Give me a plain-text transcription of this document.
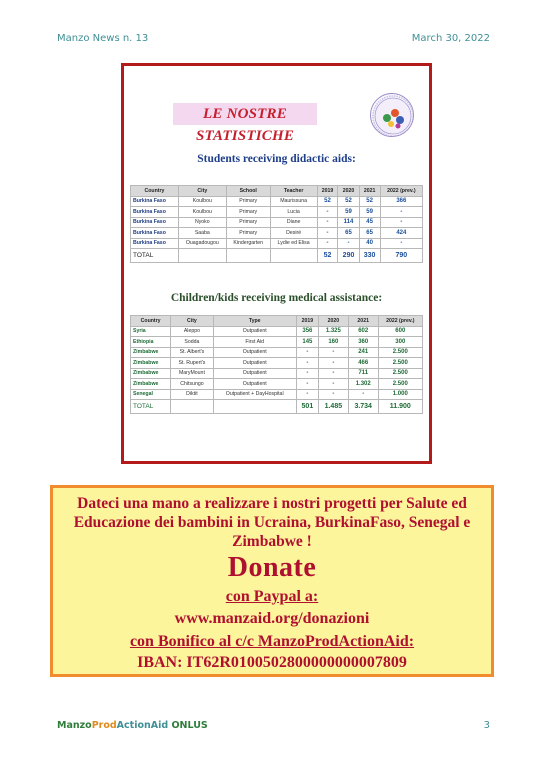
Manzo News n. 13	March 30, 2022
LE NOSTRE STATISTICHE
Students receiving didactic aids:
Country	City	School	Teacher	2019	2020	2021	2022 (prev.)
Burkina Faso	Koulbou	Primary	Maurissuna	52	52	52	366
Burkina Faso	Koulbou	Primary	Lucia	-	59	59	-
Burkina Faso	Nyoko	Primary	Diane	-	114	45	-
Burkina Faso	Saaba	Primary	Desiré	-	65	65	424
Burkina Faso	Ouagadougou	Kindergarten	Lydie ed Elisa	-	-	40	-
TOTAL				52	290	330	790
Children/kids receiving medical assistance:
Country	City	Type	2019	2020	2021	2022 (prev.)
Syria	Aleppo	Outpatient	356	1.325	602	600
Ethiopia	Sodda	First Aid	145	160	360	300
Zimbabwe	St. Albert's	Outpatient	-	-	241	2.500
Zimbabwe	St. Rupert's	Outpatient	-	-	466	2.500
Zimbabwe	MaryMount	Outpatient	-	-	711	2.500
Zimbabwe	Chitsungo	Outpatient	-	-	1.302	2.500
Senegal	Diktit	Outpatient + DayHospital	-	-	-	1.000
TOTAL			501	1.485	3.734	11.900
Dateci una mano a realizzare i nostri progetti per Salute ed Educazione dei bambini in Ucraina, BurkinaFaso, Senegal e Zimbabwe !
Donate
con Paypal a:
www.manzaid.org/donazioni
con Bonifico al c/c ManzoProdActionAid:
IBAN: IT62R0100502800000000007809
ManzoProdActionAid ONLUS	3
